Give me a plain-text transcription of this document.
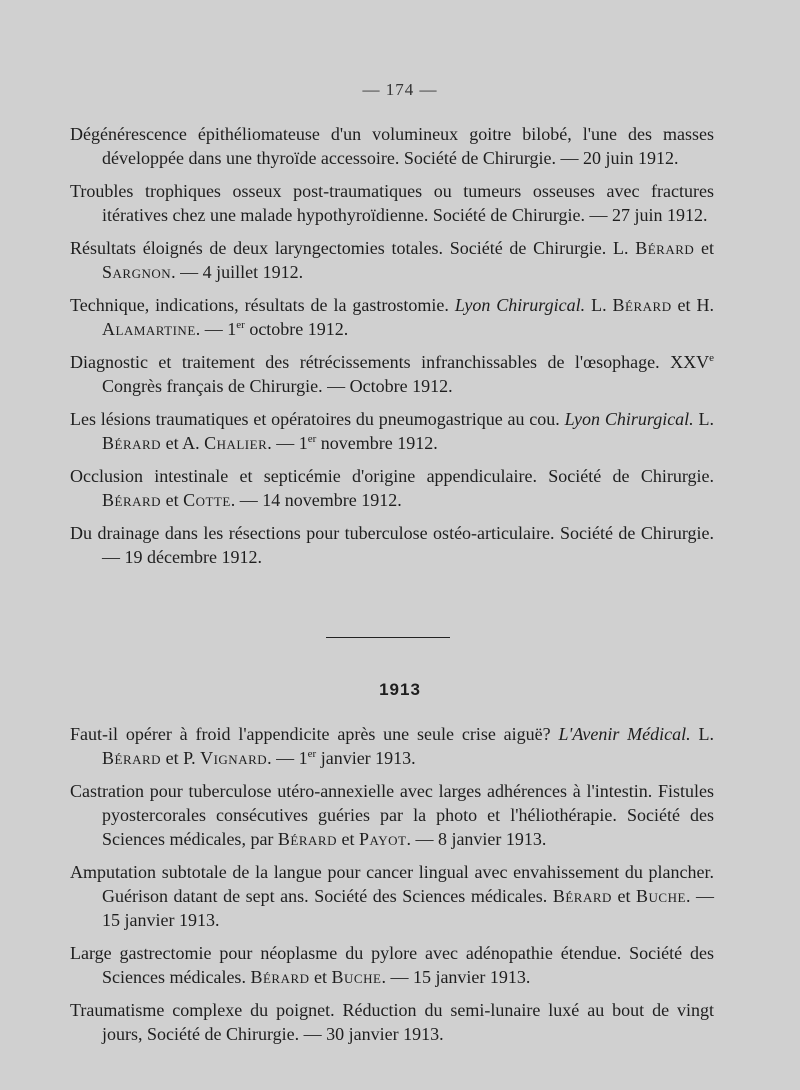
— 174 —

Dégénérescence épithéliomateuse d'un volumineux goitre bilobé, l'une des masses développée dans une thyroïde accessoire. Société de Chirurgie. — 20 juin 1912.

Troubles trophiques osseux post-traumatiques ou tumeurs osseuses avec fractures itératives chez une malade hypothyroïdienne. Société de Chirurgie. — 27 juin 1912.

Résultats éloignés de deux laryngectomies totales. Société de Chirurgie. L. Bérard et Sargnon. — 4 juillet 1912.

Technique, indications, résultats de la gastrostomie. Lyon Chirurgical. L. Bérard et H. Alamartine. — 1er octobre 1912.

Diagnostic et traitement des rétrécissements infranchissables de l'œsophage. XXVe Congrès français de Chirurgie. — Octobre 1912.

Les lésions traumatiques et opératoires du pneumogastrique au cou. Lyon Chirurgical. L. Bérard et A. Chalier. — 1er novembre 1912.

Occlusion intestinale et septicémie d'origine appendiculaire. Société de Chirurgie. Bérard et Cotte. — 14 novembre 1912.

Du drainage dans les résections pour tuberculose ostéo-articulaire. Société de Chirurgie. — 19 décembre 1912.

1913

Faut-il opérer à froid l'appendicite après une seule crise aiguë? L'Avenir Médical. L. Bérard et P. Vignard. — 1er janvier 1913.

Castration pour tuberculose utéro-annexielle avec larges adhérences à l'intestin. Fistules pyostercorales consécutives guéries par la photo et l'héliothérapie. Société des Sciences médicales, par Bérard et Payot. — 8 janvier 1913.

Amputation subtotale de la langue pour cancer lingual avec envahissement du plancher. Guérison datant de sept ans. Société des Sciences médicales. Bérard et Buche. — 15 janvier 1913.

Large gastrectomie pour néoplasme du pylore avec adénopathie étendue. Société des Sciences médicales. Bérard et Buche. — 15 janvier 1913.

Traumatisme complexe du poignet. Réduction du semi-lunaire luxé au bout de vingt jours, Société de Chirurgie. — 30 janvier 1913.
